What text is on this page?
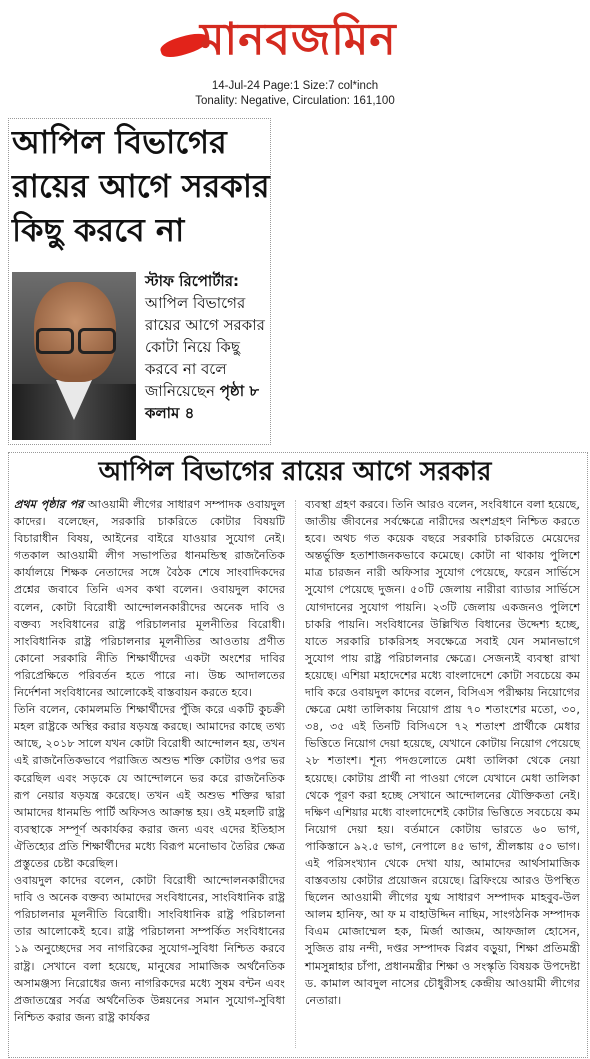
মানবজমিন
14-Jul-24 Page:1 Size:7 col*inch
Tonality: Negative, Circulation: 161,100
আপিল বিভাগের
রায়ের আগে সরকার
কিছু করবে না
স্টাফ রিপোর্টার: আপিল বিভাগের রায়ের আগে সরকার কোটা নিয়ে কিছু করবে না বলে জানিয়েছেন পৃষ্ঠা ৮ কলাম ৪
আপিল বিভাগের রায়ের আগে সরকার

প্রথম পৃষ্ঠার পর আওয়ামী লীগের সাধারণ সম্পাদক ওবায়দুল কাদের। বলেছেন, সরকারি চাকরিতে কোটার বিষয়টি বিচারাধীন বিষয়, আইনের বাইরে যাওয়ার সুযোগ নেই। গতকাল আওয়ামী লীগ সভাপতির ধানমন্ডিস্থ রাজনৈতিক কার্যালয়ে শিক্ষক নেতাদের সঙ্গে বৈঠক শেষে সাংবাদিকদের প্রশ্নের জবাবে তিনি এসব কথা বলেন। ওবায়দুল কাদের বলেন, কোটা বিরোধী আন্দোলনকারীদের অনেক দাবি ও বক্তব্য সংবিধানের রাষ্ট্র পরিচালনার মূলনীতির বিরোধী। সাংবিধানিক রাষ্ট্র পরিচালনার মূলনীতির আওতায় প্রণীত কোনো সরকারি নীতি শিক্ষার্থীদের একটা অংশের দাবির পরিপ্রেক্ষিতে পরিবর্তন হতে পারে না। উচ্চ আদালতের নির্দেশনা সংবিধানের আলোকেই বাস্তবায়ন করতে হবে।

তিনি বলেন, কোমলমতি শিক্ষার্থীদের পুঁজি করে একটি কুচক্রী মহল রাষ্ট্রকে অস্থির করার ষড়যন্ত্র করছে। আমাদের কাছে তথ্য আছে, ২০১৮ সালে যখন কোটা বিরোধী আন্দোলন হয়, তখন এই রাজনৈতিকভাবে পরাজিত অশুভ শক্তি কোটার ওপর ভর করেছিল এবং সড়কে যে আন্দোলনে ভর করে রাজনৈতিক রূপ নেয়ার ষড়যন্ত্র করেছে। তখন এই অশুভ শক্তির দ্বারা আমাদের ধানমন্ডি পার্টি অফিসও আক্রান্ত হয়। ওই মহলটি রাষ্ট্র ব্যবস্থাকে সম্পূর্ণ অকার্যকর করার জন্য এবং এদের ইতিহাস ঐতিহ্যের প্রতি শিক্ষার্থীদের মধ্যে বিরূপ মনোভাব তৈরির ক্ষেত্র প্রস্তুতের চেষ্টা করেছিল।

ওবায়দুল কাদের বলেন, কোটা বিরোধী আন্দোলনকারীদের দাবি ও অনেক বক্তব্য আমাদের সংবিধানের, সাংবিধানিক রাষ্ট্র পরিচালনার মূলনীতি বিরোধী। সাংবিধানিক রাষ্ট্র পরিচালনা তার আলোকেই হবে। রাষ্ট্র পরিচালনা সম্পর্কিত সংবিধানের ১৯ অনুচ্ছেদের সব নাগরিকের সুযোগ-সুবিধা নিশ্চিত করবে রাষ্ট্র। সেখানে বলা হয়েছে, মানুষের সামাজিক অর্থনৈতিক অসামঞ্জস্য নিরোধের জন্য নাগরিকদের মধ্যে সুষম বন্টন এবং প্রজাতন্ত্রের সর্বত্র অর্থনৈতিক উন্নয়নের সমান সুযোগ-সুবিধা নিশ্চিত করার জন্য রাষ্ট্র কার্যকর

ব্যবস্থা গ্রহণ করবে। তিনি আরও বলেন, সংবিধানে বলা হয়েছে, জাতীয় জীবনের সর্বক্ষেত্রে নারীদের অংশগ্রহণ নিশ্চিত করতে হবে। অথচ গত কয়েক বছরে সরকারি চাকরিতে মেয়েদের অন্তর্ভুক্তি হতাশাজনকভাবে কমেছে। কোটা না থাকায় পুলিশে মাত্র চারজন নারী অফিসার সুযোগ পেয়েছে, ফরেন সার্ভিসে সুযোগ পেয়েছে দুজন। ৫০টি জেলায় নারীরা ব্যাডার সার্ভিসে যোগদানের সুযোগ পায়নি। ২৩টি জেলায় একজনও পুলিশে চাকরি পায়নি। সংবিধানের উল্লিখিত বিধানের উদ্দেশ্য হচ্ছে, যাতে সরকারি চাকরিসহ সবক্ষেত্রে সবাই যেন সমানভাগে সুযোগ পায় রাষ্ট্র পরিচালনার ক্ষেত্রে। সেজন্যই ব্যবস্থা রাখা হয়েছে। এশিয়া মহাদেশের মধ্যে বাংলাদেশে কোটা সবচেয়ে কম দাবি করে ওবায়দুল কাদের বলেন, বিসিএস পরীক্ষায় নিয়োগের ক্ষেত্রে মেধা তালিকায় নিয়োগ প্রায় ৭০ শতাংশের মতো, ৩০, ৩৪, ৩৫ এই তিনটি বিসিএসে ৭২ শতাংশ প্রার্থীকে মেধার ভিত্তিতে নিয়োগ দেয়া হয়েছে, যেখানে কোটায় নিয়োগ পেয়েছে ২৮ শতাংশ। শূন্য পদগুলোতে মেধা তালিকা থেকে নেয়া হয়েছে। কোটায় প্রার্থী না পাওয়া গেলে যেখানে মেধা তালিকা থেকে পূরণ করা হচ্ছে সেখানে আন্দোলনের যৌক্তিকতা নেই। দক্ষিণ এশিয়ার মধ্যে বাংলাদেশেই কোটার ভিত্তিতে সবচেয়ে কম নিয়োগ দেয়া হয়। বর্তমানে কোটায় ভারতে ৬০ ভাগ, পাকিস্তানে ৯২.৫ ভাগ, নেপালে ৪৫ ভাগ, শ্রীলঙ্কায় ৫০ ভাগ। এই পরিসংখ্যান থেকে দেখা যায়, আমাদের আর্থসামাজিক বাস্তবতায় কোটার প্রয়োজন রয়েছে। ব্রিফিংয়ে আরও উপস্থিত ছিলেন আওয়ামী লীগের যুগ্ম সাধারণ সম্পাদক মাহবুব-উল আলম হানিফ, আ ফ ম বাহাউদ্দিন নাছিম, সাংগঠনিক সম্পাদক বিএম মোজাম্মেল হক, মির্জা আজম, আফজাল হোসেন, সুজিত রায় নন্দী, দপ্তর সম্পাদক বিপ্লব বড়ুয়া, শিক্ষা প্রতিমন্ত্রী শামসুন্নাহার চাঁপা, প্রধানমন্ত্রীর শিক্ষা ও সংস্কৃতি বিষয়ক উপদেষ্টা ড. কামাল আবদুল নাসের চৌধুরীসহ কেন্দ্রীয় আওয়ামী লীগের নেতারা।
